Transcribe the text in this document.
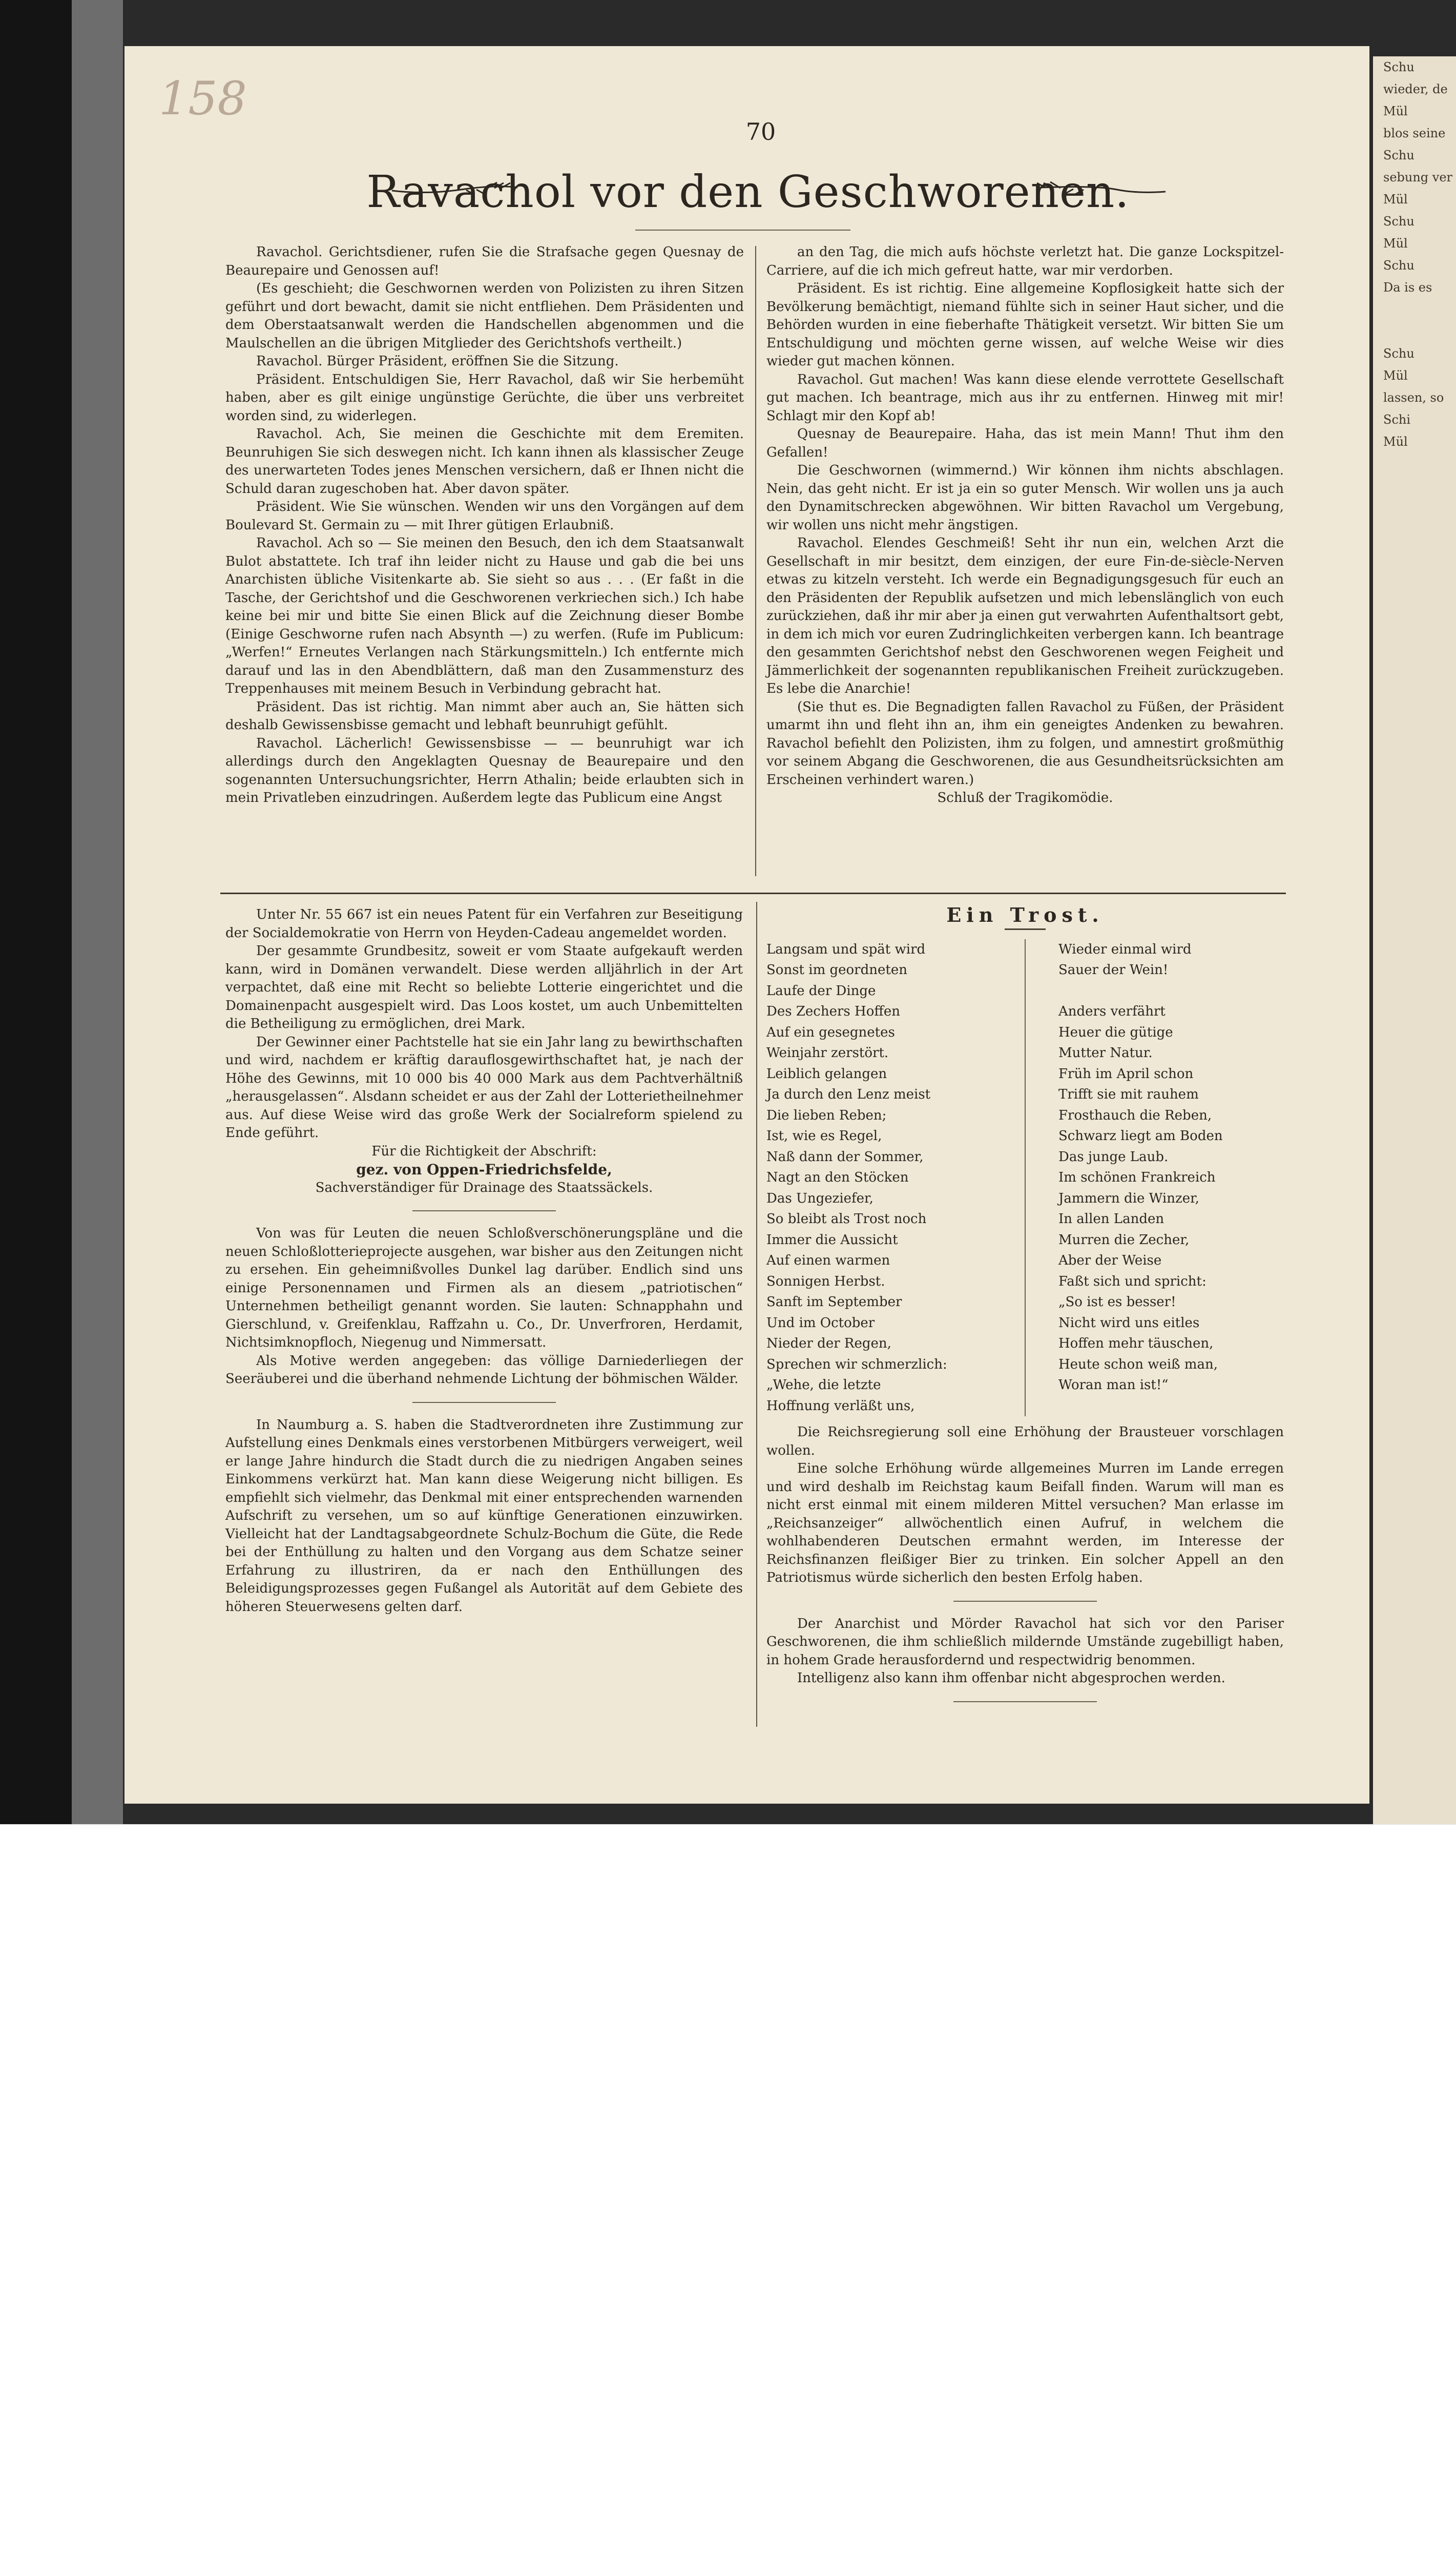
Schu
wieder, de
Mül
blos seine
Schu
sebung ver
Mül
Schu
Mül
Schu
Da is es

Schu
Mül
lassen, so
Schi
Mül
158
70
Ravachol vor den Geschworenen.

Ravachol. Gerichtsdiener, rufen Sie die Strafsache gegen Quesnay de Beaurepaire und Genossen auf!

(Es geschieht; die Geschwornen werden von Polizisten zu ihren Sitzen geführt und dort bewacht, damit sie nicht entfliehen. Dem Präsidenten und dem Oberstaatsanwalt werden die Handschellen abgenommen und die Maulschellen an die übrigen Mitglieder des Gerichtshofs vertheilt.)

Ravachol. Bürger Präsident, eröffnen Sie die Sitzung.

Präsident. Entschuldigen Sie, Herr Ravachol, daß wir Sie herbemüht haben, aber es gilt einige ungünstige Gerüchte, die über uns verbreitet worden sind, zu widerlegen.

Ravachol. Ach, Sie meinen die Geschichte mit dem Eremiten. Beunruhigen Sie sich deswegen nicht. Ich kann ihnen als klassischer Zeuge des unerwarteten Todes jenes Menschen versichern, daß er Ihnen nicht die Schuld daran zugeschoben hat. Aber davon später.

Präsident. Wie Sie wünschen. Wenden wir uns den Vorgängen auf dem Boulevard St. Germain zu — mit Ihrer gütigen Erlaubniß.

Ravachol. Ach so — Sie meinen den Besuch, den ich dem Staatsanwalt Bulot abstattete. Ich traf ihn leider nicht zu Hause und gab die bei uns Anarchisten übliche Visitenkarte ab. Sie sieht so aus . . . (Er faßt in die Tasche, der Gerichtshof und die Geschworenen verkriechen sich.) Ich habe keine bei mir und bitte Sie einen Blick auf die Zeichnung dieser Bombe (Einige Geschworne rufen nach Absynth —) zu werfen. (Rufe im Publicum: „Werfen!“ Erneutes Verlangen nach Stärkungsmitteln.) Ich entfernte mich darauf und las in den Abendblättern, daß man den Zusammensturz des Treppenhauses mit meinem Besuch in Verbindung gebracht hat.

Präsident. Das ist richtig. Man nimmt aber auch an, Sie hätten sich deshalb Gewissensbisse gemacht und lebhaft beunruhigt gefühlt.

Ravachol. Lächerlich! Gewissensbisse — — beunruhigt war ich allerdings durch den Angeklagten Quesnay de Beaurepaire und den sogenannten Untersuchungsrichter, Herrn Athalin; beide erlaubten sich in mein Privatleben einzudringen. Außerdem legte das Publicum eine Angst

an den Tag, die mich aufs höchste verletzt hat. Die ganze Lockspitzel-Carriere, auf die ich mich gefreut hatte, war mir verdorben.

Präsident. Es ist richtig. Eine allgemeine Kopflosigkeit hatte sich der Bevölkerung bemächtigt, niemand fühlte sich in seiner Haut sicher, und die Behörden wurden in eine fieberhafte Thätigkeit versetzt. Wir bitten Sie um Entschuldigung und möchten gerne wissen, auf welche Weise wir dies wieder gut machen können.

Ravachol. Gut machen! Was kann diese elende verrottete Gesellschaft gut machen. Ich beantrage, mich aus ihr zu entfernen. Hinweg mit mir! Schlagt mir den Kopf ab!

Quesnay de Beaurepaire. Haha, das ist mein Mann! Thut ihm den Gefallen!

Die Geschwornen (wimmernd.) Wir können ihm nichts abschlagen. Nein, das geht nicht. Er ist ja ein so guter Mensch. Wir wollen uns ja auch den Dynamitschrecken abgewöhnen. Wir bitten Ravachol um Vergebung, wir wollen uns nicht mehr ängstigen.

Ravachol. Elendes Geschmeiß! Seht ihr nun ein, welchen Arzt die Gesellschaft in mir besitzt, dem einzigen, der eure Fin-de-siècle-Nerven etwas zu kitzeln versteht. Ich werde ein Begnadigungsgesuch für euch an den Präsidenten der Republik aufsetzen und mich lebenslänglich von euch zurückziehen, daß ihr mir aber ja einen gut verwahrten Aufenthaltsort gebt, in dem ich mich vor euren Zudringlichkeiten verbergen kann. Ich beantrage den gesammten Gerichtshof nebst den Geschworenen wegen Feigheit und Jämmerlichkeit der sogenannten republikanischen Freiheit zurückzugeben. Es lebe die Anarchie!

(Sie thut es. Die Begnadigten fallen Ravachol zu Füßen, der Präsident umarmt ihn und fleht ihn an, ihm ein geneigtes Andenken zu bewahren. Ravachol befiehlt den Polizisten, ihm zu folgen, und amnestirt großmüthig vor seinem Abgang die Geschworenen, die aus Gesundheitsrücksichten am Erscheinen verhindert waren.)

Schluß der Tragikomödie.

Unter Nr. 55 667 ist ein neues Patent für ein Verfahren zur Beseitigung der Socialdemokratie von Herrn von Heyden-Cadeau angemeldet worden.

Der gesammte Grundbesitz, soweit er vom Staate aufgekauft werden kann, wird in Domänen verwandelt. Diese werden alljährlich in der Art verpachtet, daß eine mit Recht so beliebte Lotterie eingerichtet und die Domainenpacht ausgespielt wird. Das Loos kostet, um auch Unbemittelten die Betheiligung zu ermöglichen, drei Mark.

Der Gewinner einer Pachtstelle hat sie ein Jahr lang zu bewirthschaften und wird, nachdem er kräftig darauflosgewirthschaftet hat, je nach der Höhe des Gewinns, mit 10 000 bis 40 000 Mark aus dem Pachtverhältniß „herausgelassen“. Alsdann scheidet er aus der Zahl der Lotterietheilnehmer aus. Auf diese Weise wird das große Werk der Socialreform spielend zu Ende geführt.

Für die Richtigkeit der Abschrift:

gez. von Oppen-Friedrichsfelde,

Sachverständiger für Drainage des Staatssäckels.

Von was für Leuten die neuen Schloßverschönerungspläne und die neuen Schloßlotterieprojecte ausgehen, war bisher aus den Zeitungen nicht zu ersehen. Ein geheimnißvolles Dunkel lag darüber. Endlich sind uns einige Personennamen und Firmen als an diesem „patriotischen“ Unternehmen betheiligt genannt worden. Sie lauten: Schnapphahn und Gierschlund, v. Greifenklau, Raffzahn u. Co., Dr. Unverfroren, Herdamit, Nichtsimknopfloch, Niegenug und Nimmersatt.

Als Motive werden angegeben: das völlige Darniederliegen der Seeräuberei und die überhand nehmende Lichtung der böhmischen Wälder.

In Naumburg a. S. haben die Stadtverordneten ihre Zustimmung zur Aufstellung eines Denkmals eines verstorbenen Mitbürgers verweigert, weil er lange Jahre hindurch die Stadt durch die zu niedrigen Angaben seines Einkommens verkürzt hat. Man kann diese Weigerung nicht billigen. Es empfiehlt sich vielmehr, das Denkmal mit einer entsprechenden warnenden Aufschrift zu versehen, um so auf künftige Generationen einzuwirken. Vielleicht hat der Landtagsabgeordnete Schulz-Bochum die Güte, die Rede bei der Enthüllung zu halten und den Vorgang aus dem Schatze seiner Erfahrung zu illustriren, da er nach den Enthüllungen des Beleidigungsprozesses gegen Fußangel als Autorität auf dem Gebiete des höheren Steuerwesens gelten darf.

Ein Trost.
Langsam und spät wird
Sonst im geordneten
Laufe der Dinge
Des Zechers Hoffen
Auf ein gesegnetes
Weinjahr zerstört.
Leiblich gelangen
Ja durch den Lenz meist
Die lieben Reben;
Ist, wie es Regel,
Naß dann der Sommer,
Nagt an den Stöcken
Das Ungeziefer,
So bleibt als Trost noch
Immer die Aussicht
Auf einen warmen
Sonnigen Herbst.
Sanft im September
Und im October
Nieder der Regen,
Sprechen wir schmerzlich:
„Wehe, die letzte
Hoffnung verläßt uns,
Wieder einmal wird
Sauer der Wein!

Anders verfährt
Heuer die gütige
Mutter Natur.
Früh im April schon
Trifft sie mit rauhem
Frosthauch die Reben,
Schwarz liegt am Boden
Das junge Laub.
Im schönen Frankreich
Jammern die Winzer,
In allen Landen
Murren die Zecher,
Aber der Weise
Faßt sich und spricht:
„So ist es besser!
Nicht wird uns eitles
Hoffen mehr täuschen,
Heute schon weiß man,
Woran man ist!“

Die Reichsregierung soll eine Erhöhung der Brausteuer vorschlagen wollen.

Eine solche Erhöhung würde allgemeines Murren im Lande erregen und wird deshalb im Reichstag kaum Beifall finden. Warum will man es nicht erst einmal mit einem milderen Mittel versuchen? Man erlasse im „Reichsanzeiger“ allwöchentlich einen Aufruf, in welchem die wohlhabenderen Deutschen ermahnt werden, im Interesse der Reichsfinanzen fleißiger Bier zu trinken. Ein solcher Appell an den Patriotismus würde sicherlich den besten Erfolg haben.

Der Anarchist und Mörder Ravachol hat sich vor den Pariser Geschworenen, die ihm schließlich mildernde Umstände zugebilligt haben, in hohem Grade herausfordernd und respectwidrig benommen.

Intelligenz also kann ihm offenbar nicht abgesprochen werden.
